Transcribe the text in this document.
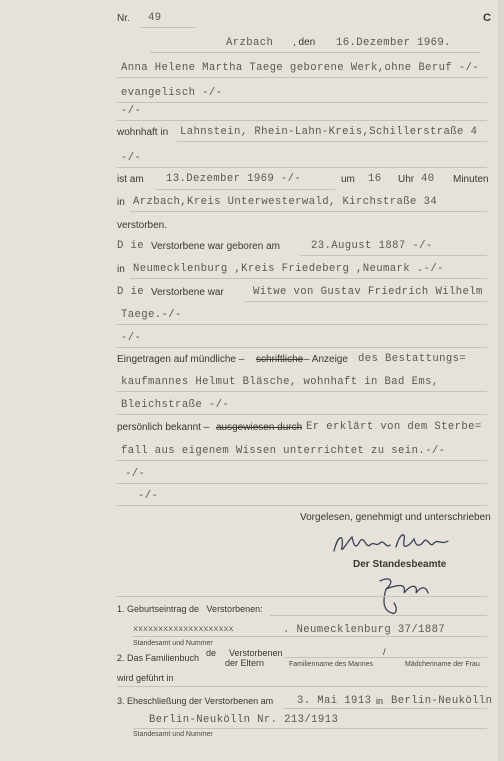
Nr. 49	C
Arzbach , den 16.Dezember 1969.
Anna Helene Martha Taege geborene Werk,ohne Beruf -/-
evangelisch -/-
-/-
wohnhaft in Lahnstein, Rhein-Lahn-Kreis,Schillerstraße 4
-/-
ist am 13.Dezember 1969 -/-	um 16 Uhr 40 Minuten
in Arzbach,Kreis Unterwesterwald, Kirchstraße 34
verstorben.
D ie Verstorbene war geboren am	23.August 1887 -/-
in Neumecklenburg ,Kreis Friedeberg ,Neumark .-/-
D ie Verstorbene war	Witwe von Gustav Friedrich Wilhelm
Taege.-/-
-/-
Eingetragen auf mündliche – schriftliche – Anzeige des Bestattungs=
kaufmannes Helmut Bläsche, wohnhaft in Bad Ems,
Bleichstraße -/-
persönlich bekannt – ausgewiesen durch Er erklärt von dem Sterbe=
fall aus eigenem Wissen unterrichtet zu sein.-/-
-/-
-/-
Vorgelesen, genehmigt und unterschrieben
Der Standesbeamte
1. Geburtseintrag de   Verstorbenen:
xxxxxxxxxxxxxxxxxxxx	. Neumecklenburg 37/1887
Standesamt und Nummer
2. Das Familienbuch de Verstorbenen
der Eltern
/
Familienname des Mannes	Mädchenname der Frau
wird geführt in
3. Eheschließung der Verstorbenen am 3. Mai 1913 in Berlin-Neukölln
Berlin-Neukölln Nr. 213/1913
Standesamt und Nummer
